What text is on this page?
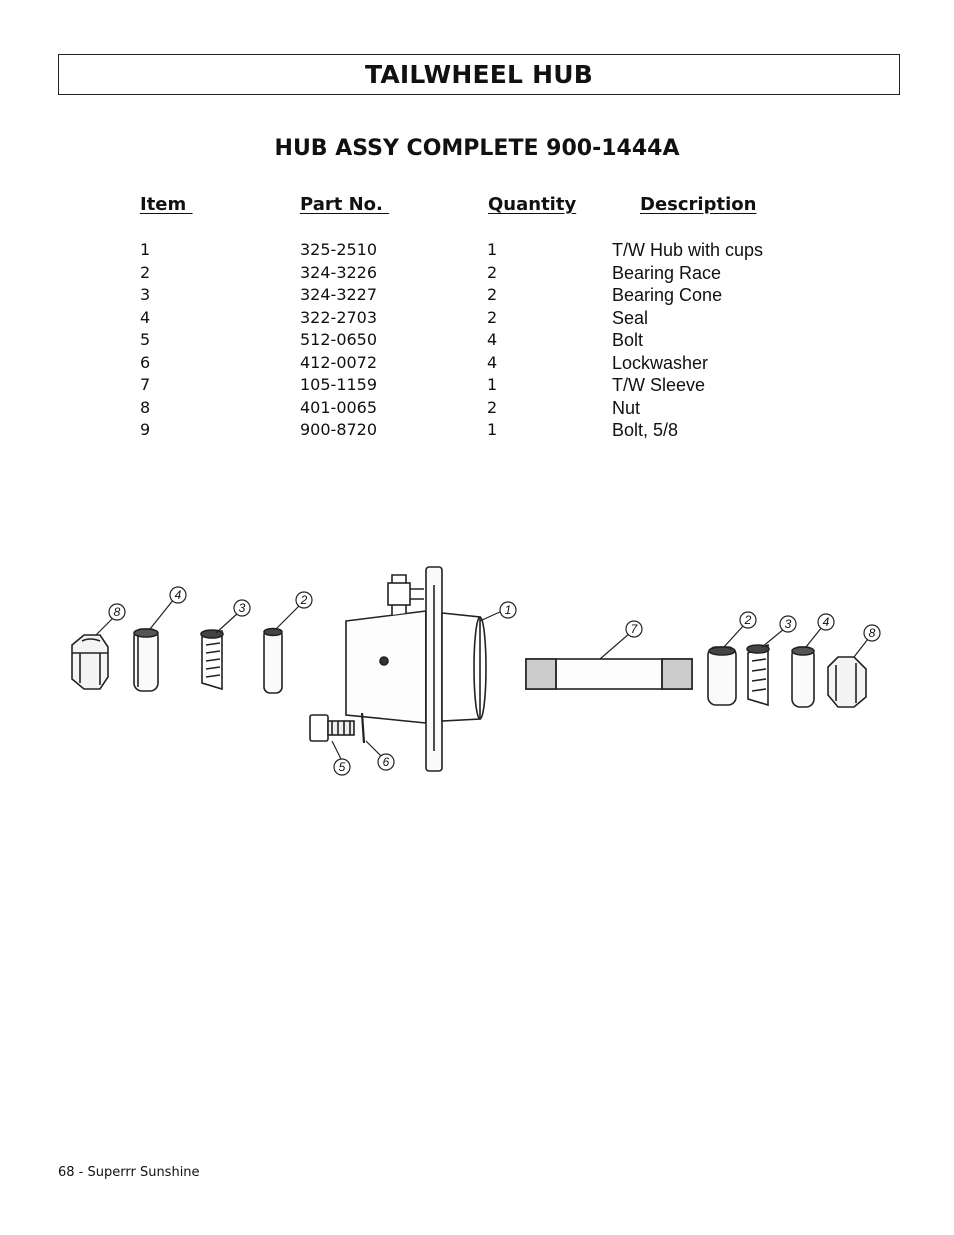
TAILWHEEL HUB
HUB ASSY COMPLETE 900-1444A
Item	Part No.	Quantity	Description
1	325-2510	1	T/W Hub with cups
2	324-3226	2	Bearing Race
3	324-3227	2	Bearing Cone
4	322-2703	2	Seal
5	512-0650	4	Bolt
6	412-0072	4	Lockwasher
7	105-1159	1	T/W Sleeve
8	401-0065	2	Nut
9	900-8720	1	Bolt, 5/8
8
4
3
2
1
7
2	3	4
8
5	6
68 - Superrr Sunshine
